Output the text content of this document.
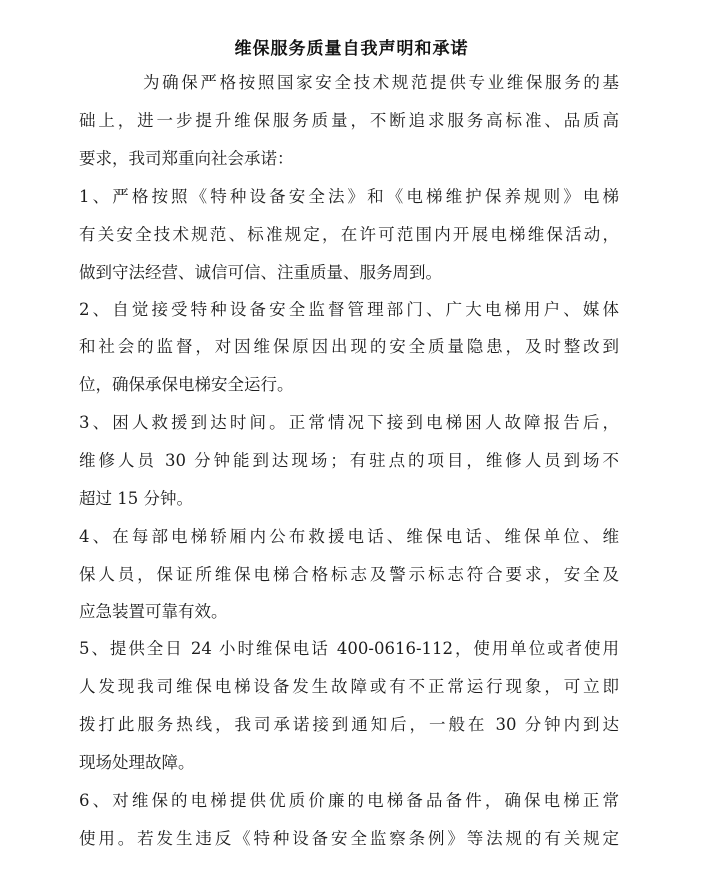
维保服务质量自我声明和承诺
为确保严格按照国家安全技术规范提供专业维保服务的基
础上，进一步提升维保服务质量，不断追求服务高标准、品质高
要求，我司郑重向社会承诺：
1、严格按照《特种设备安全法》和《电梯维护保养规则》电梯
有关安全技术规范、标准规定，在许可范围内开展电梯维保活动，
做到守法经营、诚信可信、注重质量、服务周到。
2、自觉接受特种设备安全监督管理部门、广大电梯用户、媒体
和社会的监督，对因维保原因出现的安全质量隐患，及时整改到
位，确保承保电梯安全运行。
3、困人救援到达时间。正常情况下接到电梯困人故障报告后，
维修人员 30 分钟能到达现场；有驻点的项目，维修人员到场不
超过 15 分钟。
4、在每部电梯轿厢内公布救援电话、维保电话、维保单位、维
保人员，保证所维保电梯合格标志及警示标志符合要求，安全及
应急装置可靠有效。
5、提供全日 24 小时维保电话 400-0616-112，使用单位或者使用
人发现我司维保电梯设备发生故障或有不正常运行现象，可立即
拨打此服务热线，我司承诺接到通知后，一般在 30 分钟内到达
现场处理故障。
6、对维保的电梯提供优质价廉的电梯备品备件，确保电梯正常
使用。若发生违反《特种设备安全监察条例》等法规的有关规定
